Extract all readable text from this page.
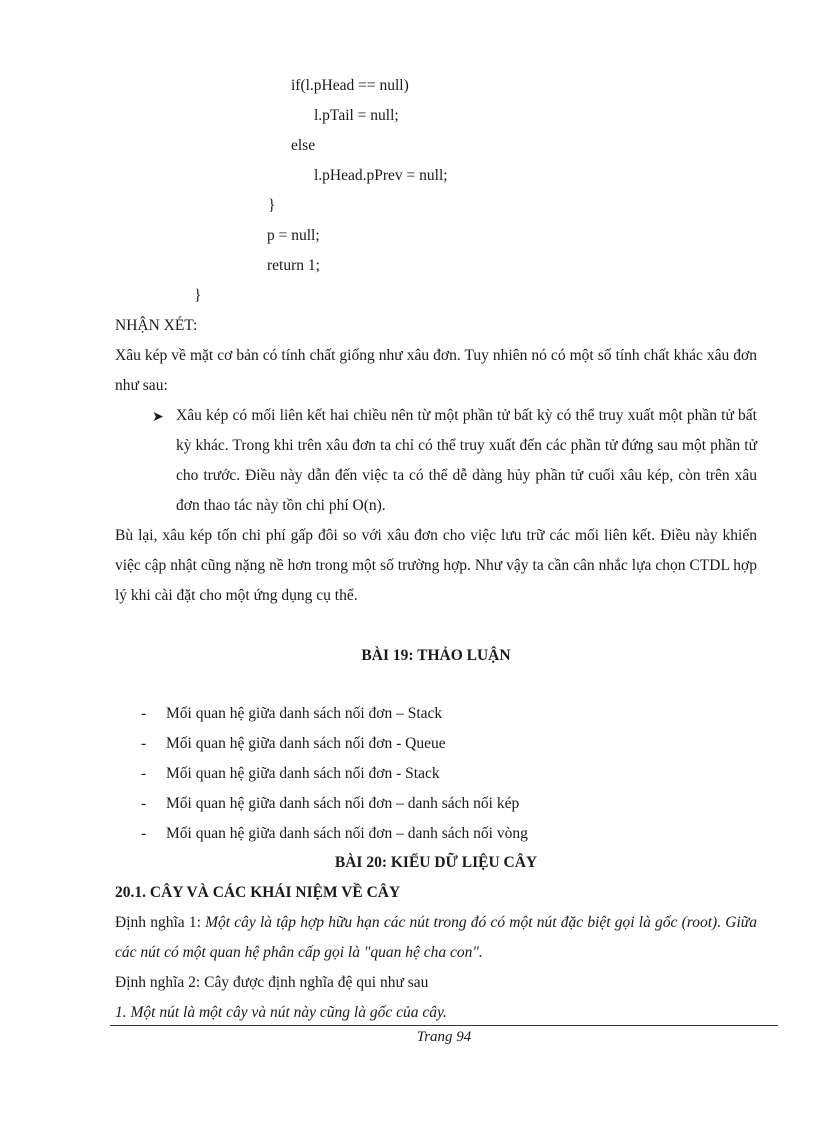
if(l.pHead == null)
l.pTail = null;
else
l.pHead.pPrev = null;
}
p = null;
return 1;
}
NHẬN XÉT:
Xâu kép về mặt cơ bản có tính chất giống như xâu đơn. Tuy nhiên nó có một số tính chất khác xâu đơn như sau:
➤ Xâu kép có mối liên kết hai chiều nên từ một phần tử bất kỳ có thể truy xuất một phần tử bất kỳ khác. Trong khi trên xâu đơn ta chỉ có thể truy xuất đến các phần tử đứng sau một phần tử cho trước. Điều này dẫn đến việc ta có thể dễ dàng hủy phần tử cuối xâu kép, còn trên xâu đơn thao tác này tồn chi phí O(n).
Bù lại, xâu kép tốn chi phí gấp đôi so với xâu đơn cho việc lưu trữ các mối liên kết. Điều này khiến việc cập nhật cũng nặng nề hơn trong một số trường hợp. Như vậy ta cần cân nhắc lựa chọn CTDL hợp lý khi cài đặt cho một ứng dụng cụ thể.
BÀI 19: THẢO LUẬN
- Mối quan hệ giữa danh sách nối đơn – Stack
- Mối quan hệ giữa danh sách nối đơn - Queue
- Mối quan hệ giữa danh sách nối đơn - Stack
- Mối quan hệ giữa danh sách nối đơn – danh sách nối kép
- Mối quan hệ giữa danh sách nối đơn – danh sách nối vòng
BÀI 20: KIỂU DỮ LIỆU CÂY
20.1. CÂY VÀ CÁC KHÁI NIỆM VỀ CÂY
Định nghĩa 1: Một cây là tập hợp hữu hạn các nút trong đó có một nút đặc biệt gọi là gốc (root). Giữa các nút có một quan hệ phân cấp gọi là "quan hệ cha con".
Định nghĩa 2: Cây được định nghĩa đệ qui như sau
1. Một nút là một cây và nút này cũng là gốc của cây.
Trang 94
